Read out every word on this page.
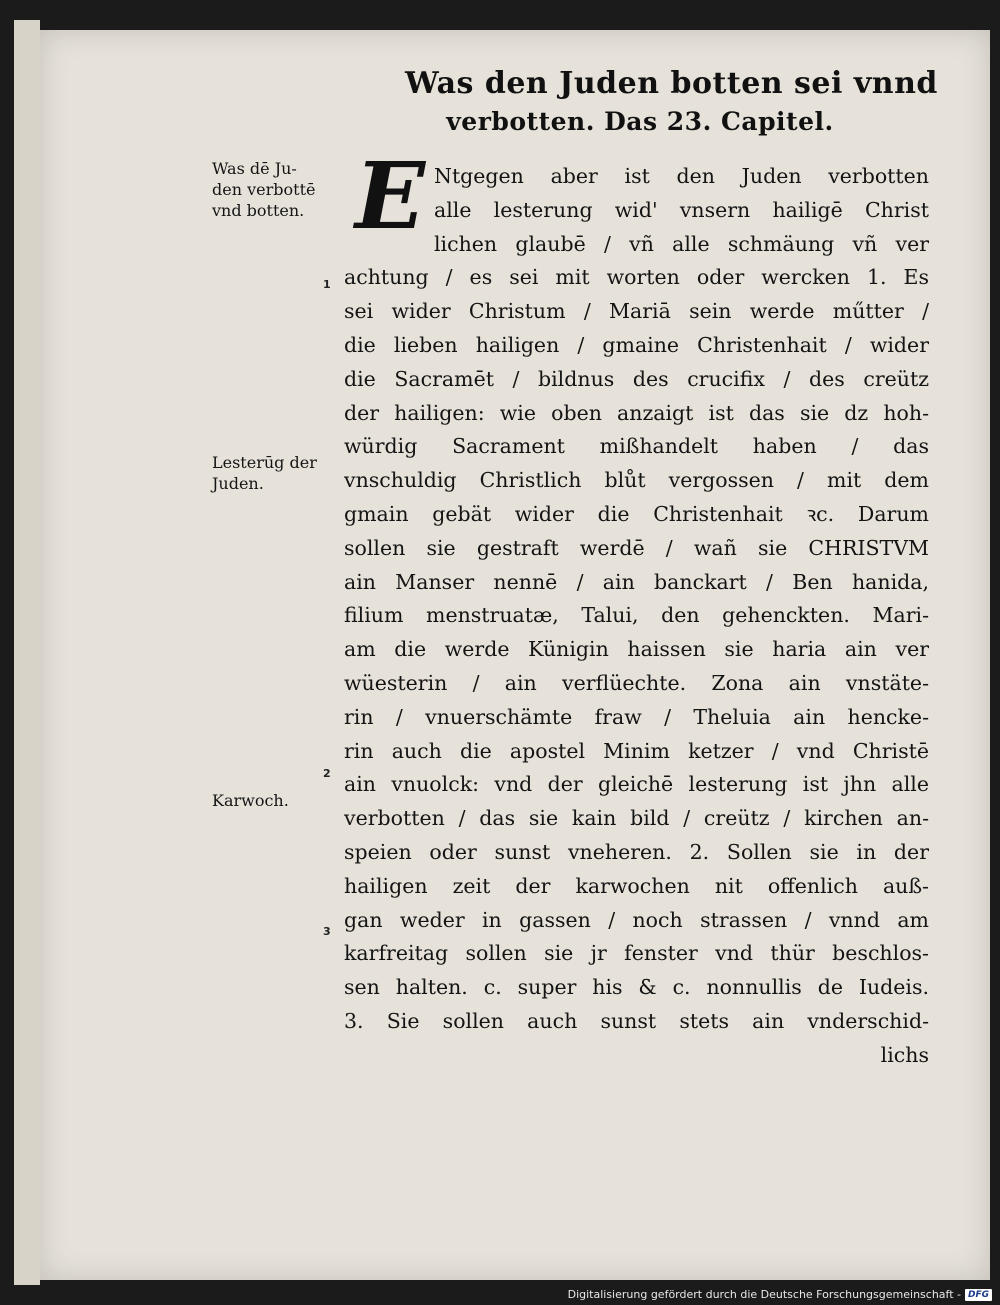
Was den Juden botten sei vnnd
verbotten. Das 23. Capitel.
Was dē Ju-
den verbottē
vnd botten.
Lesterūg der
Juden.
Karwoch.
1
2
3
E Ntgegen aber ist den Juden verbotten
alle lesterung wid' vnsern hailigē Christ
lichen glaubē / vñ alle schmäung vñ ver
achtung / es sei mit worten oder wercken 1. Es
sei wider Christum / Mariā sein werde műtter /
die lieben hailigen / gmaine Christenhait / wider
die Sacramēt / bildnus des crucifix / des creütz
der hailigen: wie oben anzaigt ist das sie dz hoh-
würdig Sacrament mißhandelt haben / das
vnschuldig Christlich blůt vergossen / mit dem
gmain gebät wider die Christenhait ꝛc. Darum
sollen sie gestraft werdē / wañ sie CHRISTVM
ain Manser nennē / ain banckart / Ben hanida,
filium menstruatæ, Talui, den gehenckten. Mari-
am die werde Künigin haissen sie haria ain ver
wüesterin / ain verflüechte. Zona ain vnstäte-
rin / vnuerschämte fraw / Theluia ain hencke-
rin auch die apostel Minim ketzer / vnd Christē
ain vnuolck: vnd der gleichē lesterung ist jhn alle
verbotten / das sie kain bild / creütz / kirchen an-
speien oder sunst vneheren. 2. Sollen sie in der
hailigen zeit der karwochen nit offenlich auß-
gan weder in gassen / noch strassen / vnnd am
karfreitag sollen sie jr fenster vnd thür beschlos-
sen halten. c. super his & c. nonnullis de Iudeis.
3. Sie sollen auch sunst stets ain vnderschid-
lichs
Digitalisierung gefördert durch die Deutsche Forschungsgemeinschaft - DFG
